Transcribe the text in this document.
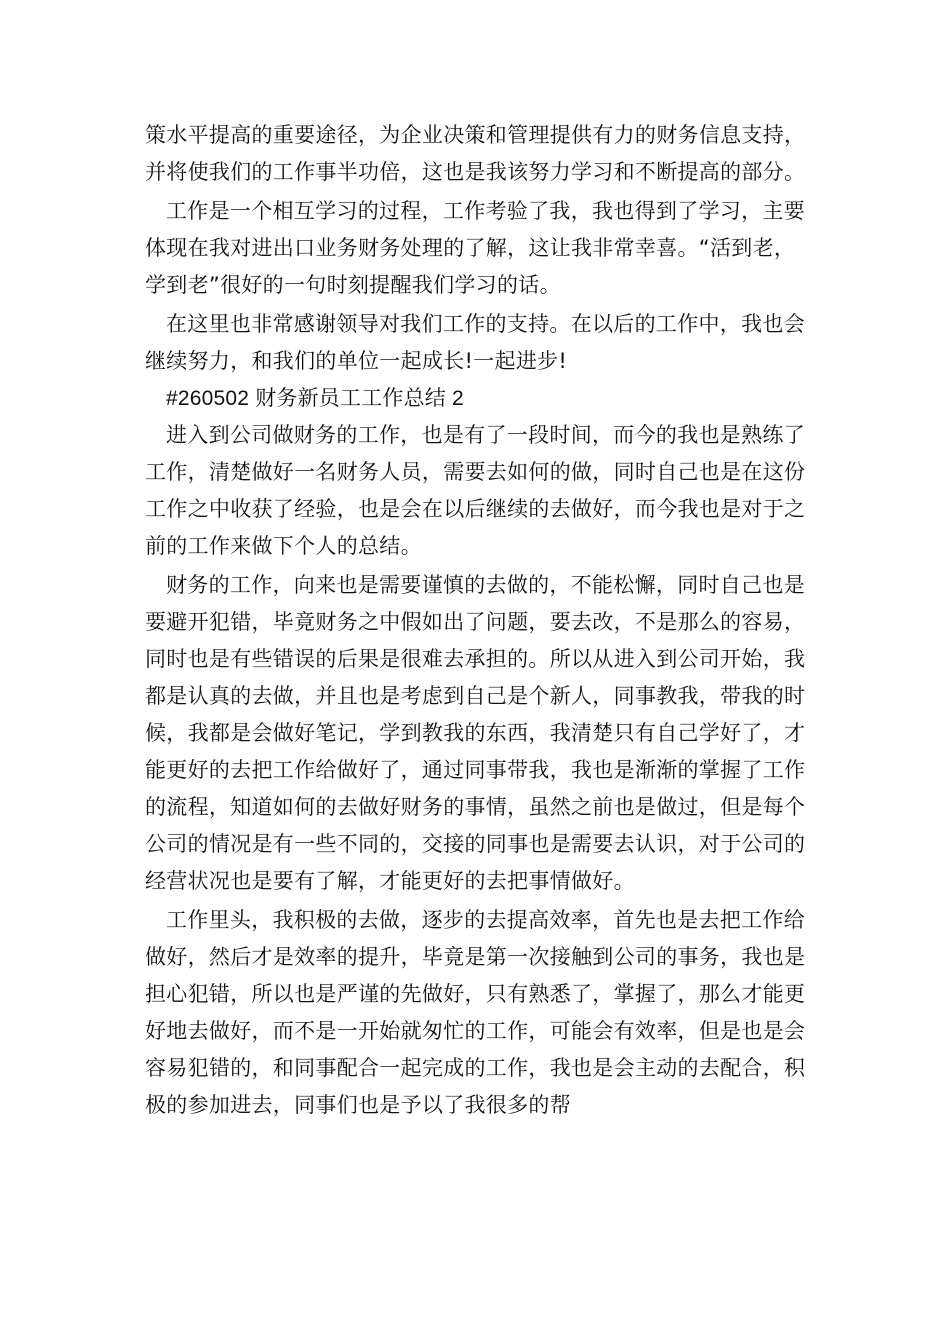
策水平提高的重要途径，为企业决策和管理提供有力的财务信息支持，并将使我们的工作事半功倍，这也是我该努力学习和不断提高的部分。

工作是一个相互学习的过程，工作考验了我，我也得到了学习，主要体现在我对进出口业务财务处理的了解，这让我非常幸喜。“活到老，学到老”很好的一句时刻提醒我们学习的话。

在这里也非常感谢领导对我们工作的支持。在以后的工作中，我也会继续努力，和我们的单位一起成长!一起进步!

#260502 财务新员工工作总结 2

进入到公司做财务的工作，也是有了一段时间，而今的我也是熟练了工作，清楚做好一名财务人员，需要去如何的做，同时自己也是在这份工作之中收获了经验，也是会在以后继续的去做好，而今我也是对于之前的工作来做下个人的总结。

财务的工作，向来也是需要谨慎的去做的，不能松懈，同时自己也是要避开犯错，毕竟财务之中假如出了问题，要去改，不是那么的容易，同时也是有些错误的后果是很难去承担的。所以从进入到公司开始，我都是认真的去做，并且也是考虑到自己是个新人，同事教我，带我的时候，我都是会做好笔记，学到教我的东西，我清楚只有自己学好了，才能更好的去把工作给做好了，通过同事带我，我也是渐渐的掌握了工作的流程，知道如何的去做好财务的事情，虽然之前也是做过，但是每个公司的情况是有一些不同的，交接的同事也是需要去认识，对于公司的经营状况也是要有了解，才能更好的去把事情做好。

工作里头，我积极的去做，逐步的去提高效率，首先也是去把工作给做好，然后才是效率的提升，毕竟是第一次接触到公司的事务，我也是担心犯错，所以也是严谨的先做好，只有熟悉了，掌握了，那么才能更好地去做好，而不是一开始就匆忙的工作，可能会有效率，但是也是会容易犯错的，和同事配合一起完成的工作，我也是会主动的去配合，积极的参加进去，同事们也是予以了我很多的帮
